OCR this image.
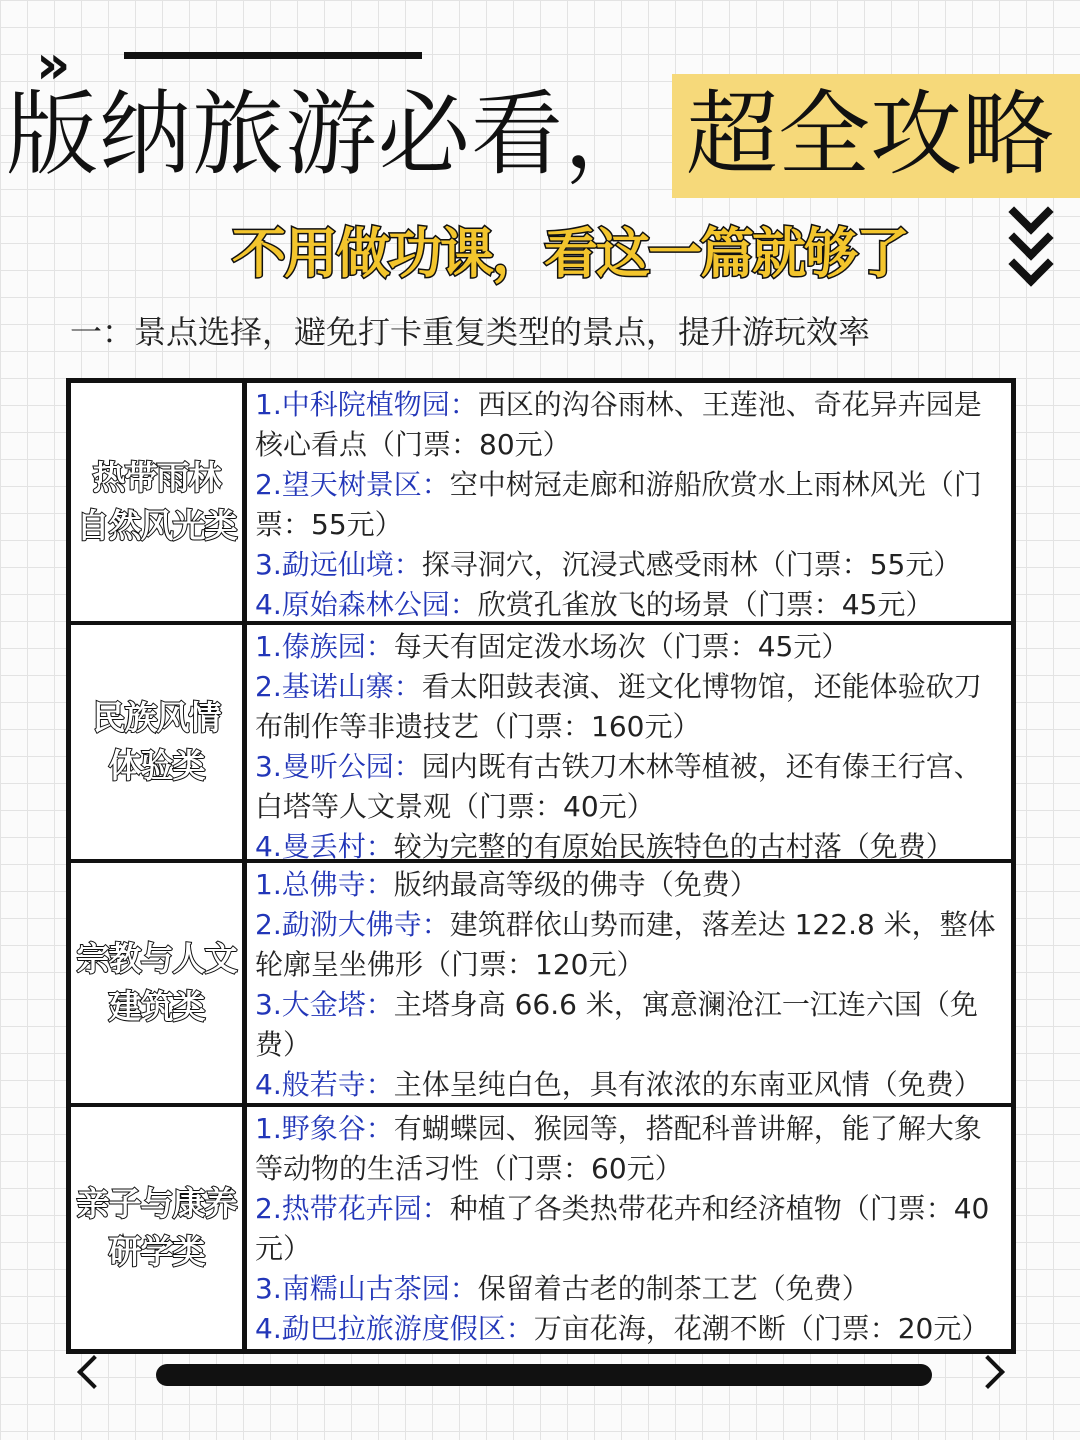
››
版纳旅游必看， 超全攻略
不用做功课，看这一篇就够了
一：景点选择，避免打卡重复类型的景点，提升游玩效率
热带雨林
自然风光类
1.中科院植物园：西区的沟谷雨林、王莲池、奇花异卉园是核心看点（门票：80元）
2.望天树景区：空中树冠走廊和游船欣赏水上雨林风光（门票：55元）
3.勐远仙境：探寻洞穴，沉浸式感受雨林（门票：55元）
4.原始森林公园：欣赏孔雀放飞的场景（门票：45元）
民族风情
体验类
1.傣族园：每天有固定泼水场次（门票：45元）
2.基诺山寨：看太阳鼓表演、逛文化博物馆，还能体验砍刀布制作等非遗技艺（门票：160元）
3.曼听公园：园内既有古铁刀木林等植被，还有傣王行宫、白塔等人文景观（门票：40元）
4.曼丢村：较为完整的有原始民族特色的古村落（免费）
宗教与人文
建筑类
1.总佛寺：版纳最高等级的佛寺（免费）
2.勐泐大佛寺：建筑群依山势而建，落差达 122.8 米，整体轮廓呈坐佛形（门票：120元）
3.大金塔：主塔身高 66.6 米，寓意澜沧江一江连六国（免费）
4.般若寺：主体呈纯白色，具有浓浓的东南亚风情（免费）
亲子与康养
研学类
1.野象谷：有蝴蝶园、猴园等，搭配科普讲解，能了解大象等动物的生活习性（门票：60元）
2.热带花卉园：种植了各类热带花卉和经济植物（门票：40元）
3.南糯山古茶园：保留着古老的制茶工艺（免费）
4.勐巴拉旅游度假区：万亩花海，花潮不断（门票：20元）
